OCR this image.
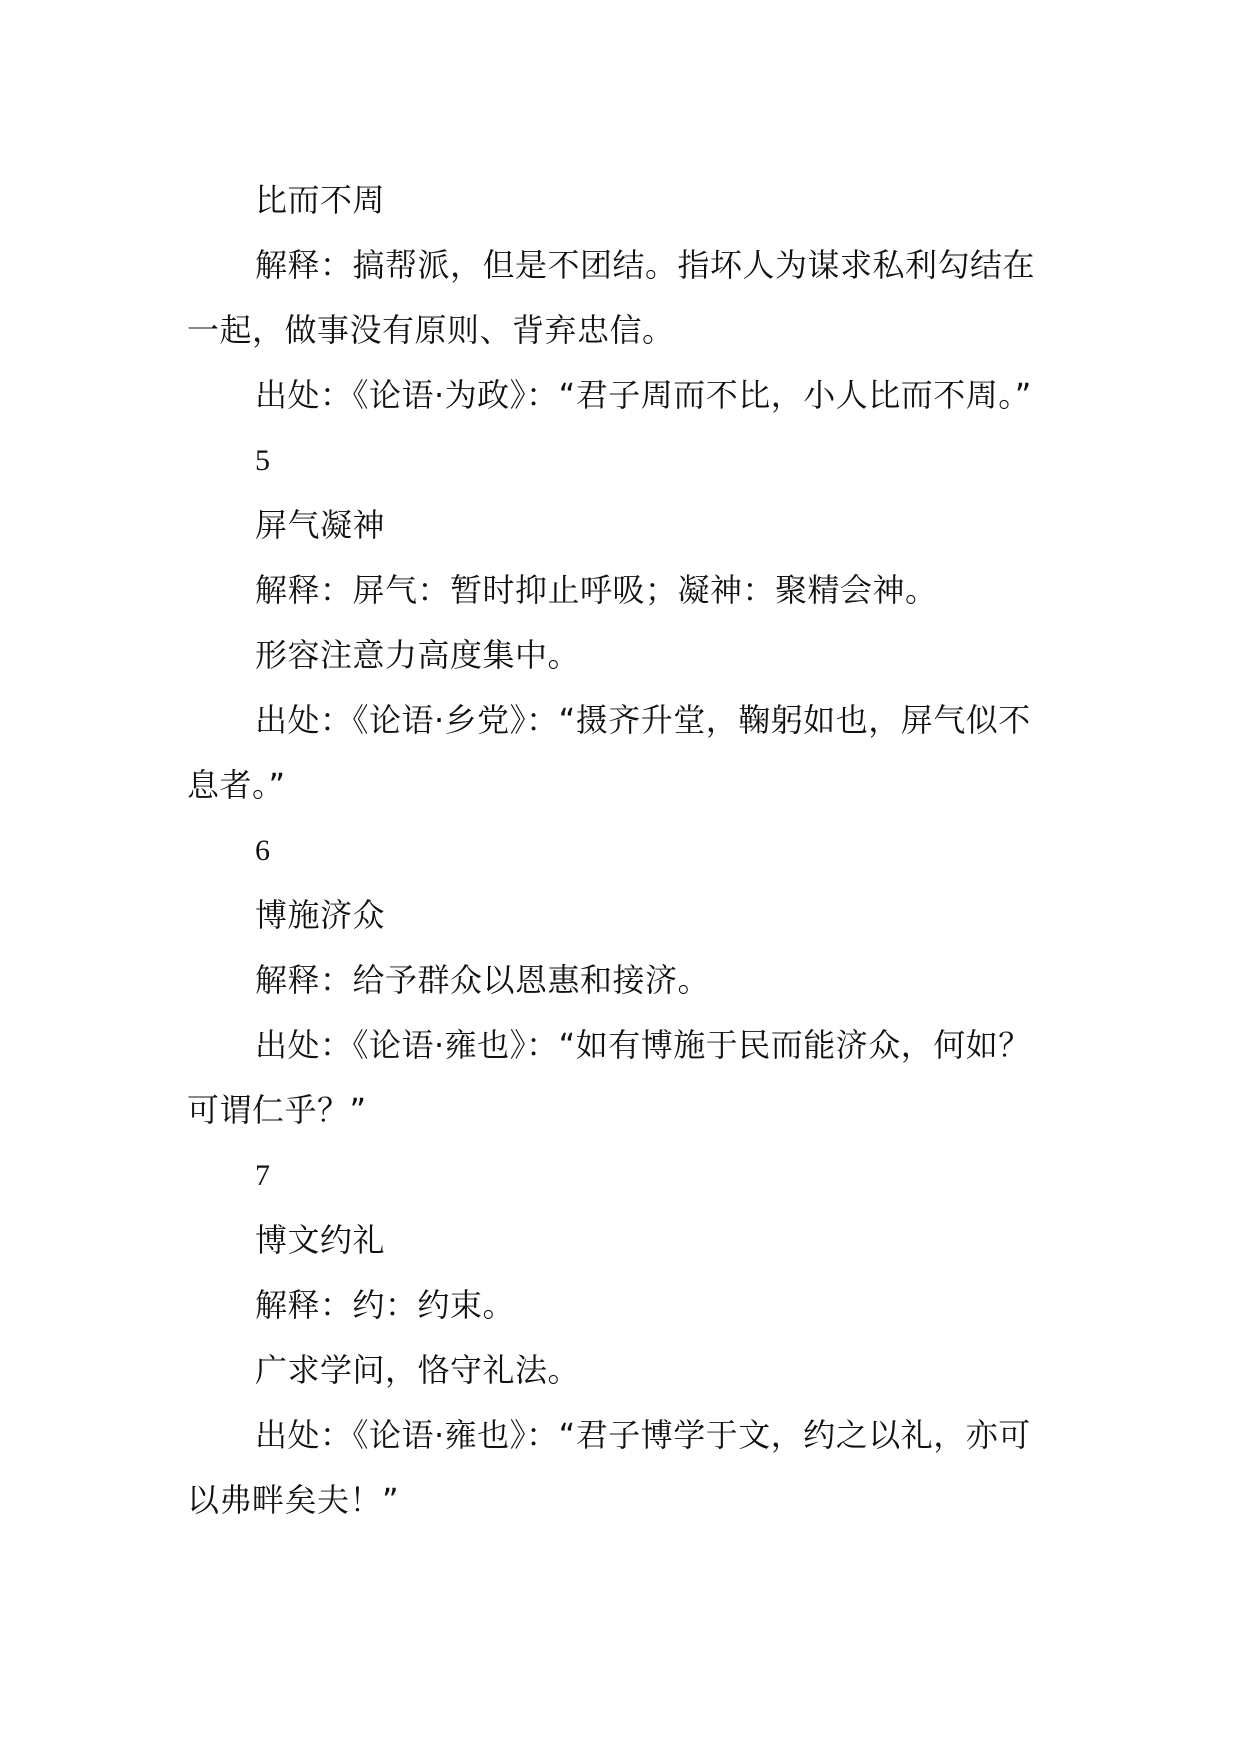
比而不周

解释：搞帮派，但是不团结。指坏人为谋求私利勾结在一起，做事没有原则、背弃忠信。

出处：《论语·为政》：“君子周而不比，小人比而不周。”

5

屏气凝神

解释：屏气：暂时抑止呼吸；凝神：聚精会神。

形容注意力高度集中。

出处：《论语·乡党》：“摄齐升堂，鞠躬如也，屏气似不息者。”

6

博施济众

解释：给予群众以恩惠和接济。

出处：《论语·雍也》：“如有博施于民而能济众，何如？可谓仁乎？”

7

博文约礼

解释：约：约束。

广求学问，恪守礼法。

出处：《论语·雍也》：“君子博学于文，约之以礼，亦可以弗畔矣夫！”
